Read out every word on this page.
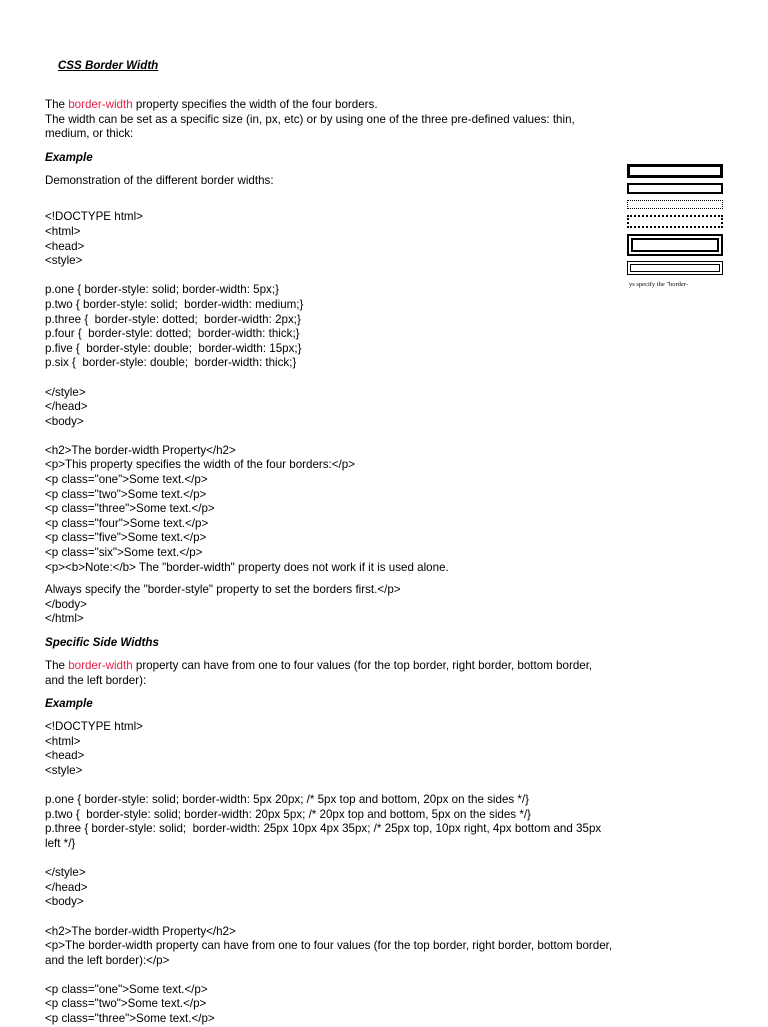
CSS Border Width

The border-width property specifies the width of the four borders.
The width can be set as a specific size (in, px, etc) or by using one of the three pre-defined values: thin,
medium, or thick:
Example
Demonstration of the different border widths:
<!DOCTYPE html>
<html>
<head>
<style>
p.one { border-style: solid; border-width: 5px;}
p.two { border-style: solid;  border-width: medium;}
p.three {  border-style: dotted;  border-width: 2px;}
p.four {  border-style: dotted;  border-width: thick;}
p.five {  border-style: double;  border-width: 15px;}
p.six {  border-style: double;  border-width: thick;}
</style>
</head>
<body>
<h2>The border-width Property</h2>
<p>This property specifies the width of the four borders:</p>
<p class="one">Some text.</p>
<p class="two">Some text.</p>
<p class="three">Some text.</p>
<p class="four">Some text.</p>
<p class="five">Some text.</p>
<p class="six">Some text.</p>
<p><b>Note:</b> The "border-width" property does not work if it is used alone.
Always specify the "border-style" property to set the borders first.</p>
</body>
</html>
Specific Side Widths
The border-width property can have from one to four values (for the top border, right border, bottom border,
and the left border):
Example
<!DOCTYPE html>
<html>
<head>
<style>
p.one { border-style: solid; border-width: 5px 20px; /* 5px top and bottom, 20px on the sides */}
p.two {  border-style: solid; border-width: 20px 5px; /* 20px top and bottom, 5px on the sides */}
p.three { border-style: solid;  border-width: 25px 10px 4px 35px; /* 25px top, 10px right, 4px bottom and 35px
left */}
</style>
</head>
<body>
<h2>The border-width Property</h2>
<p>The border-width property can have from one to four values (for the top border, right border, bottom border,
and the left border):</p>
<p class="one">Some text.</p>
<p class="two">Some text.</p>
<p class="three">Some text.</p>
ys specify the "border-
